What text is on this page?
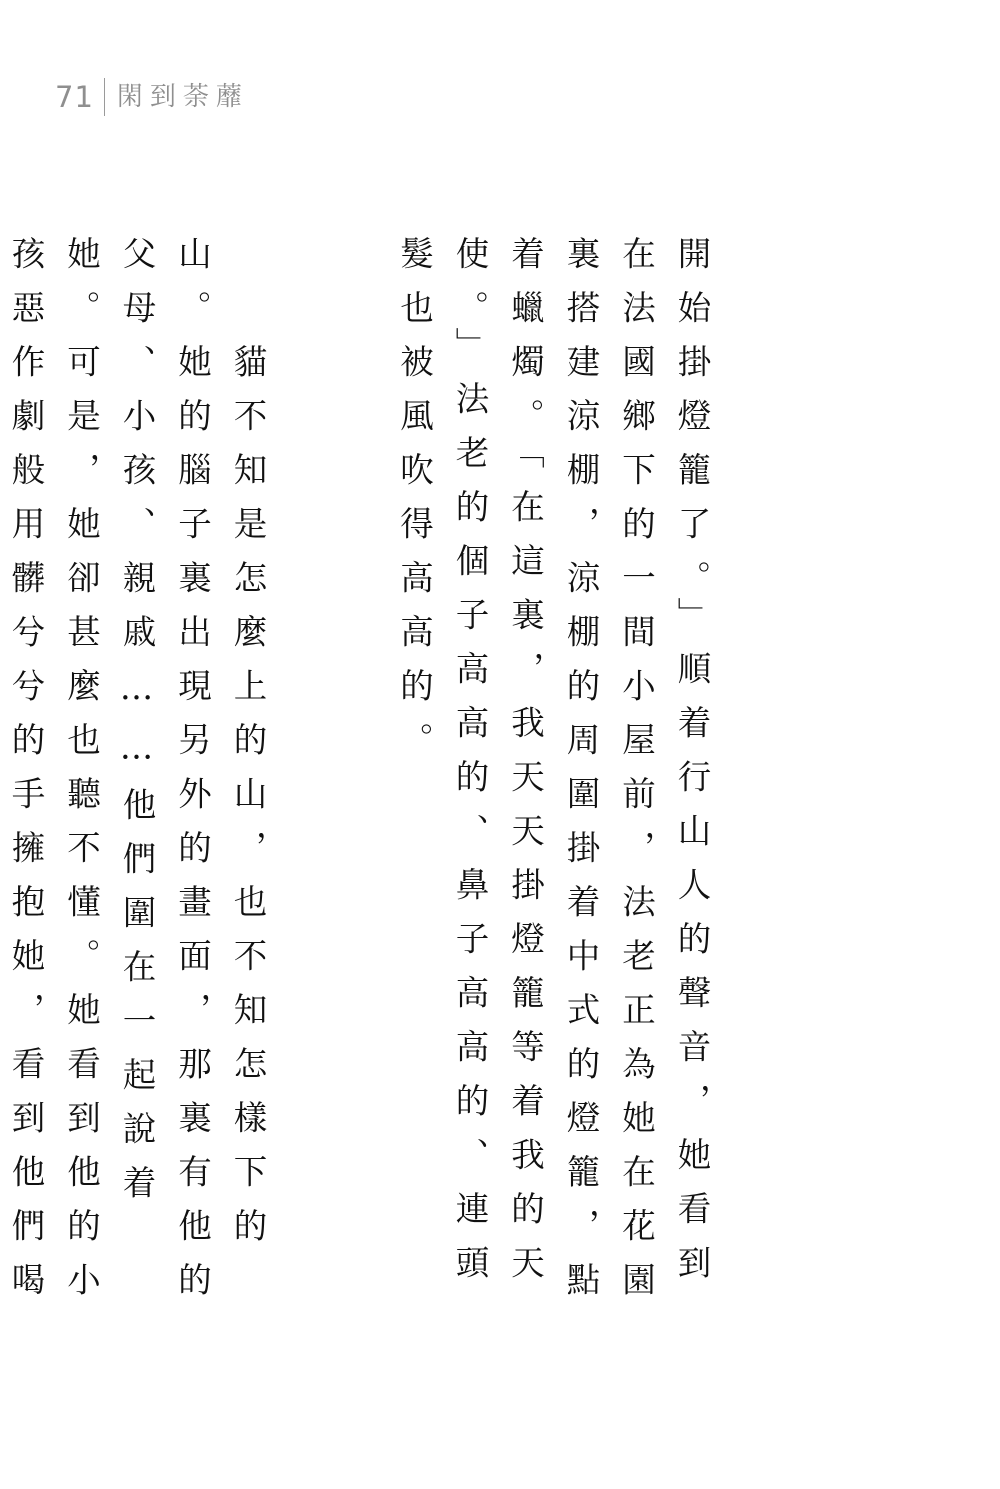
71 閑到荼蘼

開始掛燈籠了。」順着行山人的聲音，她看到在法國鄉下的一間小屋前，法老正為她在花園裏搭建涼棚，涼棚的周圍掛着中式的燈籠，點着蠟燭。「在這裏，我天天掛燈籠等着我的天使。」法老的個子高高的、鼻子高高的、連頭髮也被風吹得高高的。

　　貓不知是怎麼上的山，也不知怎樣下的山。她的腦子裏出現另外的畫面，那裏有他的父母、小孩、親戚……他們圍在一起說着她。可是，她卻甚麼也聽不懂。她看到他的小孩惡作劇般用髒兮兮的手擁抱她，看到他們喝
